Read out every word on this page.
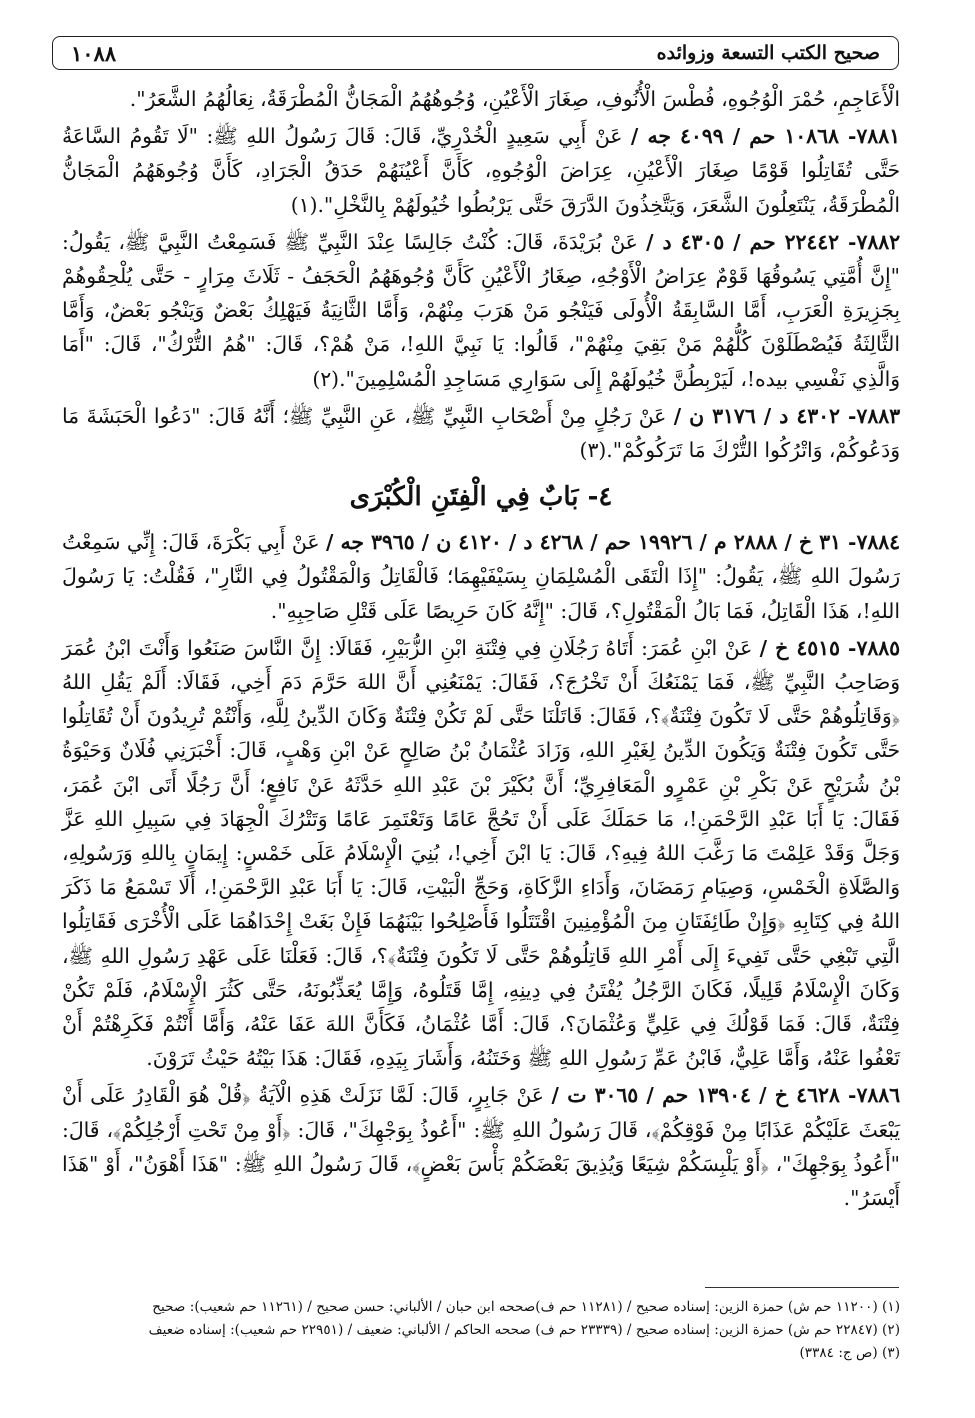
صحيح الكتب التسعة وزوائده
١٠٨٨

الْأَعَاجِمِ، حُمْرَ الْوُجُوهِ، فُطْسَ الْأُنُوفِ، صِغَارَ الْأَعْيُنِ، وُجُوهُهُمُ الْمَجَانُّ الْمُطْرَقَةُ، نِعَالُهُمُ الشَّعَرُ".

٧٨٨١- ١٠٨٦٨ حم / ٤٠٩٩ جه / عَنْ أَبِي سَعِيدٍ الْخُدْرِيِّ، قَالَ: قَالَ رَسُولُ اللهِ ﷺ: "لَا تَقُومُ السَّاعَةُ حَتَّى تُقَاتِلُوا قَوْمًا صِغَارَ الْأَعْيُنِ، عِرَاضَ الْوُجُوهِ، كَأَنَّ أَعْيُنَهُمْ حَدَقُ الْجَرَادِ، كَأَنَّ وُجُوهَهُمُ الْمَجَانُّ الْمُطْرَقَةُ، يَنْتَعِلُونَ الشَّعَرَ، وَيَتَّخِذُونَ الدَّرَقَ حَتَّى يَرْبُطُوا خُيُولَهُمْ بِالنَّخْلِ".(١)

٧٨٨٢- ٢٢٤٤٢ حم / ٤٣٠٥ د / عَنْ بُرَيْدَةَ، قَالَ: كُنْتُ جَالِسًا عِنْدَ النَّبِيِّ ﷺ فَسَمِعْتُ النَّبِيَّ ﷺ، يَقُولُ: "إِنَّ أُمَّتِي يَسُوقُهَا قَوْمٌ عِرَاضُ الْأَوْجُهِ، صِغَارُ الْأَعْيُنِ كَأَنَّ وُجُوهَهُمُ الْحَجَفُ - ثَلَاثَ مِرَارٍ - حَتَّى يُلْحِقُوهُمْ بِجَزِيرَةِ الْعَرَبِ، أَمَّا السَّابِقَةُ الْأُولَى فَيَنْجُو مَنْ هَرَبَ مِنْهُمْ، وَأَمَّا الثَّانِيَةُ فَيَهْلِكُ بَعْضٌ وَيَنْجُو بَعْضٌ، وَأَمَّا الثَّالِثَةُ فَيُصْطَلَوْنَ كُلُّهُمْ مَنْ بَقِيَ مِنْهُمْ"، قَالُوا: يَا نَبِيَّ اللهِ!، مَنْ هُمْ؟، قَالَ: "هُمُ التُّرْكُ"، قَالَ: "أَمَا وَالَّذِي نَفْسِي بيده!، لَيَرْبِطُنَّ خُيُولَهُمْ إِلَى سَوَارِي مَسَاجِدِ الْمُسْلِمِينَ".(٢)

٧٨٨٣- ٤٣٠٢ د / ٣١٧٦ ن / عَنْ رَجُلٍ مِنْ أَصْحَابِ النَّبِيِّ ﷺ، عَنِ النَّبِيِّ ﷺ؛ أَنَّهُ قَالَ: "دَعُوا الْحَبَشَةَ مَا وَدَعُوكُمْ، وَاتْرُكُوا التُّرْكَ مَا تَرَكُوكُمْ".(٣)

٤- بَابٌ فِي الْفِتَنِ الْكُبْرَى

٧٨٨٤- ٣١ خ / ٢٨٨٨ م / ١٩٩٢٦ حم / ٤٢٦٨ د / ٤١٢٠ ن / ٣٩٦٥ جه / عَنْ أَبِي بَكْرَةَ، قَالَ: إِنِّي سَمِعْتُ رَسُولَ اللهِ ﷺ، يَقُولُ: "إِذَا الْتَقَى الْمُسْلِمَانِ بِسَيْفَيْهِمَا؛ فَالْقَاتِلُ وَالْمَقْتُولُ فِي النَّارِ"، فَقُلْتُ: يَا رَسُولَ اللهِ!، هَذَا الْقَاتِلُ، فَمَا بَالُ الْمَقْتُولِ؟، قَالَ: "إِنَّهُ كَانَ حَرِيصًا عَلَى قَتْلِ صَاحِبِهِ".

٧٨٨٥- ٤٥١٥ خ / عَنْ ابْنِ عُمَرَ: أَتَاهُ رَجُلَانِ فِي فِتْنَةِ ابْنِ الزُّبَيْرِ، فَقَالَا: إِنَّ النَّاسَ صَنَعُوا وَأَنْتَ ابْنُ عُمَرَ وَصَاحِبُ النَّبِيِّ ﷺ، فَمَا يَمْنَعُكَ أَنْ تَخْرُجَ؟، فَقَالَ: يَمْنَعُنِي أَنَّ اللهَ حَرَّمَ دَمَ أَخِي، فَقَالَا: أَلَمْ يَقُلِ اللهُ ﴿وَقَاتِلُوهُمْ حَتَّى لَا تَكُونَ فِتْنَةٌ﴾؟، فَقَالَ: قَاتَلْنَا حَتَّى لَمْ تَكُنْ فِتْنَةٌ وَكَانَ الدِّينُ لِلَّهِ، وَأَنْتُمْ تُرِيدُونَ أَنْ تُقَاتِلُوا حَتَّى تَكُونَ فِتْنَةٌ وَيَكُونَ الدِّينُ لِغَيْرِ اللهِ، وَزَادَ عُثْمَانُ بْنُ صَالِحٍ عَنْ ابْنِ وَهْبٍ، قَالَ: أَخْبَرَنِي فُلَانٌ وَحَيْوَةُ بْنُ شُرَيْحٍ عَنْ بَكْرِ بْنِ عَمْرٍو الْمَعَافِرِيِّ؛ أَنَّ بُكَيْرَ بْنَ عَبْدِ اللهِ حَدَّثَهُ عَنْ نَافِعٍ؛ أَنَّ رَجُلًا أَتَى ابْنَ عُمَرَ، فَقَالَ: يَا أَبَا عَبْدِ الرَّحْمَنِ!، مَا حَمَلَكَ عَلَى أَنْ تَحُجَّ عَامًا وَتَعْتَمِرَ عَامًا وَتَتْرُكَ الْجِهَادَ فِي سَبِيلِ اللهِ عَزَّ وَجَلَّ وَقَدْ عَلِمْتَ مَا رَغَّبَ اللهُ فِيهِ؟، قَالَ: يَا ابْنَ أَخِي!، بُنِيَ الْإِسْلَامُ عَلَى خَمْسٍ: إِيمَانٍ بِاللهِ وَرَسُولِهِ، وَالصَّلَاةِ الْخَمْسِ، وَصِيَامِ رَمَضَانَ، وَأَدَاءِ الزَّكَاةِ، وَحَجِّ الْبَيْتِ، قَالَ: يَا أَبَا عَبْدِ الرَّحْمَنِ!، أَلَا تَسْمَعُ مَا ذَكَرَ اللهُ فِي كِتَابِهِ ﴿وَإِنْ طَائِفَتَانِ مِنَ الْمُؤْمِنِينَ اقْتَتَلُوا فَأَصْلِحُوا بَيْنَهُمَا فَإِنْ بَغَتْ إِحْدَاهُمَا عَلَى الْأُخْرَى فَقَاتِلُوا الَّتِي تَبْغِي حَتَّى تَفِيءَ إِلَى أَمْرِ اللهِ قَاتِلُوهُمْ حَتَّى لَا تَكُونَ فِتْنَةٌ﴾؟، قَالَ: فَعَلْنَا عَلَى عَهْدِ رَسُولِ اللهِ ﷺ، وَكَانَ الْإِسْلَامُ قَلِيلًا، فَكَانَ الرَّجُلُ يُفْتَنُ فِي دِينِهِ، إِمَّا قَتَلُوهُ، وَإِمَّا يُعَذِّبُونَهُ، حَتَّى كَثُرَ الْإِسْلَامُ، فَلَمْ تَكُنْ فِتْنَةٌ، قَالَ: فَمَا قَوْلُكَ فِي عَلِيٍّ وَعُثْمَانَ؟، قَالَ: أَمَّا عُثْمَانُ، فَكَأَنَّ اللهَ عَفَا عَنْهُ، وَأَمَّا أَنْتُمْ فَكَرِهْتُمْ أَنْ تَعْفُوا عَنْهُ، وَأَمَّا عَلِيٌّ، فَابْنُ عَمِّ رَسُولِ اللهِ ﷺ وَخَتَنُهُ، وَأَشَارَ بِيَدِهِ، فَقَالَ: هَذَا بَيْتُهُ حَيْثُ تَرَوْنَ.

٧٨٨٦- ٤٦٢٨ خ / ١٣٩٠٤ حم / ٣٠٦٥ ت / عَنْ جَابِرٍ، قَالَ: لَمَّا نَزَلَتْ هَذِهِ الْآيَةُ ﴿قُلْ هُوَ الْقَادِرُ عَلَى أَنْ يَبْعَثَ عَلَيْكُمْ عَذَابًا مِنْ فَوْقِكُمْ﴾، قَالَ رَسُولُ اللهِ ﷺ: "أَعُوذُ بِوَجْهِكَ"، قَالَ: ﴿أَوْ مِنْ تَحْتِ أَرْجُلِكُمْ﴾، قَالَ: "أَعُوذُ بِوَجْهِكَ"، ﴿أَوْ يَلْبِسَكُمْ شِيَعًا وَيُذِيقَ بَعْضَكُمْ بَأْسَ بَعْضٍ﴾، قَالَ رَسُولُ اللهِ ﷺ: "هَذَا أَهْوَنُ"، أَوْ "هَذَا أَيْسَرُ".

(١) (١١٢٠٠ حم ش) حمزة الزين: إسناده صحيح / (١١٢٨١ حم ف)صححه ابن حبان / الألباني: حسن صحيح / (١١٢٦١ حم شعيب): صحيح
(٢) (٢٢٨٤٧ حم ش) حمزة الزين: إسناده صحيح / (٢٣٣٣٩ حم ف) صححه الحاكم / الألباني: ضعيف / (٢٢٩٥١ حم شعيب): إسناده ضعيف
(٣) (ص ج: ٣٣٨٤)
